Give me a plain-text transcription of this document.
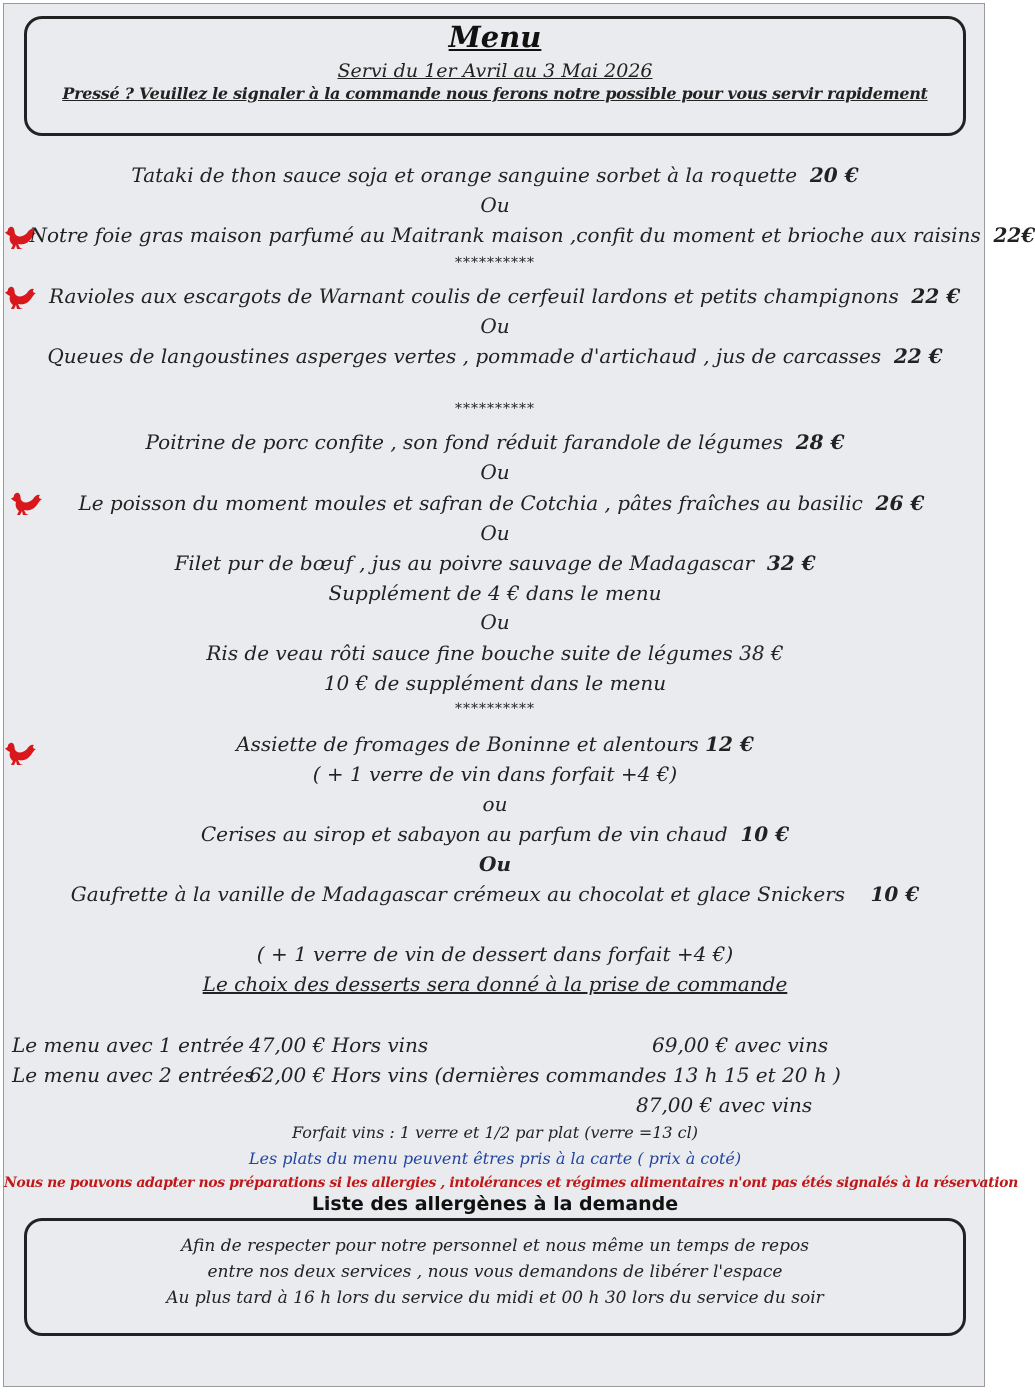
Menu
Servi du 1er Avril au 3 Mai 2026
Pressé ? Veuillez le signaler à la commande nous ferons notre possible pour vous servir rapidement
Tataki de thon sauce soja et orange sanguine sorbet à la roquette 20 €
Ou
Notre foie gras maison parfumé au Maitrank maison ,confit du moment et brioche aux raisins 22€
**********
Ravioles aux escargots de Warnant coulis de cerfeuil lardons et petits champignons 22 €
Ou
Queues de langoustines asperges vertes , pommade d'artichaud , jus de carcasses 22 €
**********
Poitrine de porc confite , son fond réduit farandole de légumes 28 €
Ou
Le poisson du moment moules et safran de Cotchia , pâtes fraîches au basilic 26 €
Ou
Filet pur de bœuf , jus au poivre sauvage de Madagascar 32 €
Supplément de 4 € dans le menu
Ou
Ris de veau rôti sauce fine bouche suite de légumes 38 €
10 € de supplément dans le menu
**********
Assiette de fromages de Boninne et alentours 12 €
( + 1 verre de vin dans forfait +4 €)
ou
Cerises au sirop et sabayon au parfum de vin chaud 10 €
Ou
Gaufrette à la vanille de Madagascar crémeux au chocolat et glace Snickers 10 €
( + 1 verre de vin de dessert dans forfait +4 €)
Le choix des desserts sera donné à la prise de commande
Le menu avec 1 entrée 47,00 € Hors vins	69,00 € avec vins
Le menu avec 2 entrées
62,00 € Hors vins (dernières commandes 13 h 15 et 20 h )
87,00 € avec vins
Forfait vins : 1 verre et 1/2 par plat (verre =13 cl)
Les plats du menu peuvent êtres pris à la carte ( prix à coté)
Nous ne pouvons adapter nos préparations si les allergies , intolérances et régimes alimentaires n'ont pas étés signalés à la réservation
Liste des allergènes à la demande
Afin de respecter pour notre personnel et nous même un temps de repos
entre nos deux services , nous vous demandons de libérer l'espace
Au plus tard à 16 h lors du service du midi et 00 h 30 lors du service du soir
